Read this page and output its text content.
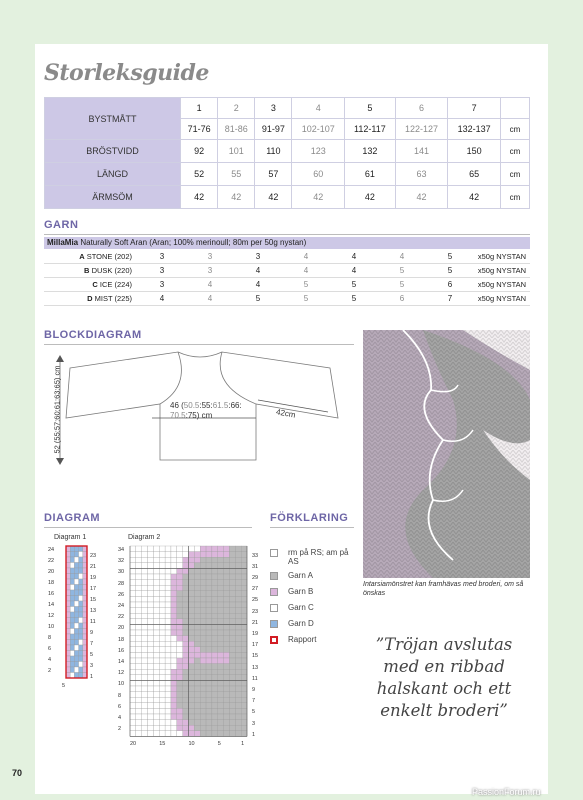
Storleksguide
BYSTMÅTT	1	2	3	4	5	6	7	
	71-76	81-86	91-97	102-107	112-117	122-127	132-137	cm
BRÖSTVIDD	92	101	110	123	132	141	150	cm
LÄNGD	52	55	57	60	61	63	65	cm
ÄRMSÖM	42	42	42	42	42	42	42	cm
GARN
MillaMia Naturally Soft Aran (Aran; 100% merinoull; 80m per 50g nystan)
A STONE (202)	3	3	3	4	4	4	5	x50g NYSTAN
B DUSK (220)	3	3	4	4	4	5	5	x50g NYSTAN
C ICE (224)	3	4	4	5	5	5	6	x50g NYSTAN
D MIST (225)	4	4	5	5	5	6	7	x50g NYSTAN
BLOCKDIAGRAM
46 (50.5:55:61.5:66:
70.5:75) cm	42cm
52 (55:57:60:61:63:65) cm
Intarsiamönstret kan framhävas med broderi, om så önskas
DIAGRAM
Diagram 1	Diagram 2
24
22
20
18
16
14
12
10
8
6
4
2
23
21
19
17
15
13
11
9
7
5
3
1
5
34
32
30
28
26
24
22
20
18
16
14
12
10
8
6
4
2
33
31
29
27
25
23
21
19
17
15
13
11
9
7
5
3
1
20	15	10	5	1
FÖRKLARING
rm på RS; am på AS
Garn A
Garn B
Garn C
Garn D
Rapport	”Tröjan avslutas med en ribbad halskant och ett enkelt broderi”
70
PassionForum.ru
